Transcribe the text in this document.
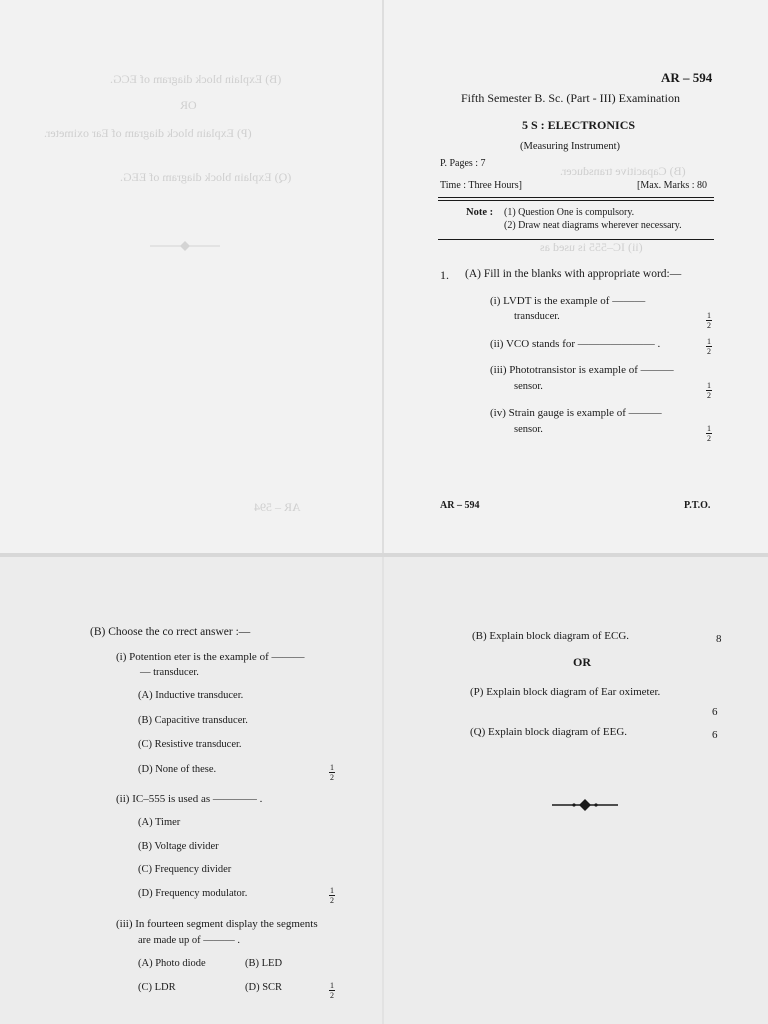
(B) Explain block diagram of ECG.
OR
(P) Explain block diagram of Ear oximeter.
(Q) Explain block diagram of EEG.
AR – 594
(B) Capacitive transducer.
(ii) IC–555 is used as
AR – 594
Fifth Semester B. Sc. (Part - III) Examination
5 S : ELECTRONICS
(Measuring Instrument)
P. Pages : 7
Time : Three Hours]	[Max. Marks : 80
Note : (1) Question One is compulsory.
(2) Draw neat diagrams wherever necessary.
1. (A) Fill in the blanks with appropriate word:—
(i) LVDT is the example of ———
transducer.	1
2
(ii) VCO stands for ——————— .	1
2
(iii) Phototransistor is example of ———
sensor.	1
2
(iv) Strain gauge is example of ———
sensor.	1
2
AR – 594	P.T.O.
(B) Choose the co rrect answer :—
(i) Potention eter is the example of ———
— transducer.
(A) Inductive transducer.
(B) Capacitive transducer.
(C) Resistive transducer.
(D) None of these.	1
2
(ii) IC–555 is used as ———— .
(A) Timer
(B) Voltage divider
(C) Frequency divider
(D) Frequency modulator.	1
2
(iii) In fourteen segment display the segments
are made up of ——— .
(A) Photo diode	(B) LED
(C) LDR	(D) SCR	1
2
(B) Explain block diagram of ECG.	8
OR
(P) Explain block diagram of Ear oximeter.
6
(Q) Explain block diagram of EEG.	6
